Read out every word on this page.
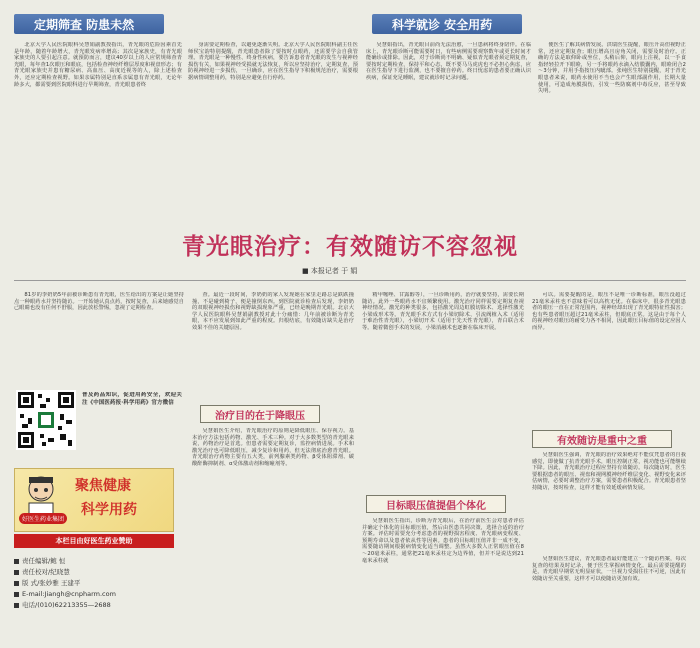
定期筛查 防患未然	科学就诊 安全用药

北京大学人民医院眼科吴慧娟副教授指出，青光眼的危险因素首先是年龄，随着年龄增大，青光眼发病率增高；其次是家族史，有青光眼家族史的人要引起注意。就预防而言，建议40岁以上的人应常规筛查青光眼，每年查1次眼压和眼底，包括检查神经纤维层厚度和视盘形态；有青光眼家族史并患有糖尿病、高血压、高度近视等的人，除上述检查外，还应定期检查视野。如果亲属特别是直系亲属患有青光眼，无论年龄多大，都需要到医院眼科进行早期筛查，青光眼患者终

身需要定期检查，以避免逐渐失明。北京大学人民医院眼科副主任医师侯宝韵特别提醒，青光眼患者除了要按时点眼药，还需要学会自我管理。青光眼是一种慢性、终身性疾病，要告诉患者青光眼的发生与视神经损伤有关，如果视神经受损就无法恢复，所以应坚持治疗，定期复查，预防视神经进一步损伤，一旦确诊，应在医生指导下积极规范治疗，需要根据病情调整用药，特别是应避免自行停药。

吴慧娟指出，青光眼目前尚无法治愈，一旦患病将终身陪伴。在临床上，青光眼诊断可能需要时日，有些病例需要观察数年或更长时间才能确诊或排除。因此，对于诊断尚不明确、疑似青光眼者须定期复查，要按时定期检查，保持平和心态，既不要马马虎虎也不必担心焦虑，应在医生指导下进行监测，也不要擅自停药。终日忧虑的患者要正确认识疾病，保证充足睡眠，建议就诊时记录问题。

便医生了解其病情发展。洪瑞医生提醒，眼压升高但视野正常，还应定期复查；眼压增高且房角关闭，需要及时治疗。正确的方法是取仰卧或坐位，头稍后仰，眼向上注视，以一手食指轻轻拉开下眼睑，另一手将眼药水滴入结膜囊内，眼睑闭合2～3分钟，并用手指按压内眦部。张纯医生特别提醒，对于青光眼患者来说，眼药水使用不当也会产生眼部副作用，长期大量使用，可造成角膜损伤，引发一些防腐剂中毒反应，甚至导致失明。

青光眼治疗：有效随访不容忽视
■ 本报记者 于 娟

81岁的李奶奶5年前被诊断患有青光眼，医生给出的方案是让她坚持点一种眼药水并坚持随访。一开始她认真点药，按时复查，后来她感觉自己眼睛也没有任何不舒服，因此放松警惕，忽视了定期检查。

普及药品知识，促进用药安全，欢迎关注《中国医药报·科学用药》官方微信

好医生药业集团
聚焦健康
科学用药
本栏目由好医生药业赞助
责任编辑/鲍 恒
责任校对/纪晓慧
版 式/张妙雅 王建平
E-mail:Jiangh@cnpharm.com
电话/(010)62213355—2688

查。最近一段时间，李奶奶的家人发现她在家里走路总是跌跌撞撞，不是碰到椅子，便是撞倒东西。到医院就诊检查后发现，李奶奶的双眼视神经损伤和视野缺损现象严重，已经是晚期青光眼。北京大学人民医院眼科吴慧娟副教授对此十分痛惜：几年前被诊断为青光眼，本不应发展到如此严重的程度。归根结底，有效随访缺失是治疗效果不佳的关键原因。

治疗目的在于降眼压

吴慧娟医生介绍，青光眼治疗的原则是降低眼压、保存视力。基本治疗方法包括药物、激光、手术三种。对于大多数类型的青光眼来说，药物治疗是首选。但患者需要定期复诊，监控病情进展。手术和激光治疗也可降低眼压，减少复诊和用药，但无法彻底治愈青光眼。青光眼治疗药物主要有五大类，前列腺素类药物、β受体阻滞剂、碳酸酐酶抑制剂、α受体激动剂和缩瞳剂等。

精甲噻唑、甘露醇等），一旦诊断用药，治疗就要坚持，需要长期随访。此外一些眼药水不宜频繁使用。激光治疗同样需要定期复查视神经情况。激光的种类很多，包括激光周边虹膜切除术、选择性激光小梁成形术等。青光眼手术方式有小梁切除术、引流阀植入术（适用于难治性青光眼），小梁切开术（适用于先天性青光眼），青白联合术等。随着微创手术的发展，小梁消融术也逐渐在临床开展。

目标眼压值提倡个体化

吴慧娟医生指出，诊断为青光眼后，在治疗前医生会对患者评估并确定个体化的目标眼压值，然后由医患共同决策，选择合适的治疗方案。评估时需要充分考虑患者的视野损害程度、青光眼病变程度、预期寿命以及患者依从性等因素。患者的目标眼压值并非一成不变，需要随访期间根据病情变化适当调整。虽然大多数人正常眼压值在8～20毫米汞柱，通常把21毫米汞柱定为边界值，但并不是说达到21毫米汞柱就

可以。需要提醒的是，眼压不是唯一诊断标准，眼压没超过21毫米汞柱也不意味着可以高枕无忧。在临床中，很多青光眼患者的眼压一直在正常范围内，视神经却出现了青光眼特征性损害；也有些患者眼压超过21毫米汞柱，但眼底正常。这是由于每个人的视神经对眼压的耐受力各不相同，因此眼压目标值的设定应因人而异。

有效随访是重中之重

吴慧娟医生强调，青光眼的治疗效果绝对不能仅凭患者的自我感觉，即使做了抗青光眼手术，眼压控制正常，视功能也可能继续下降。因此，青光眼治疗过程应坚持有效随访。每次随访时，医生要根据患者的眼压、视盘和视网膜神经纤维层变化、视野变化来评估病情，必要时调整治疗方案，需要患者积极配合。青光眼患者坚持随访，按时检查，这样才能有效延缓病情发展。

吴慧娟医生建议，青光眼患者最好能建立一个随访档案，每次复查的结果及时记录，便于医生掌握病情变化。最后需要提醒的是，青光眼早期常无明显症状，一旦视力受损往往不可逆，因此有效随访至关重要，这样才可以使随访更加有效。
